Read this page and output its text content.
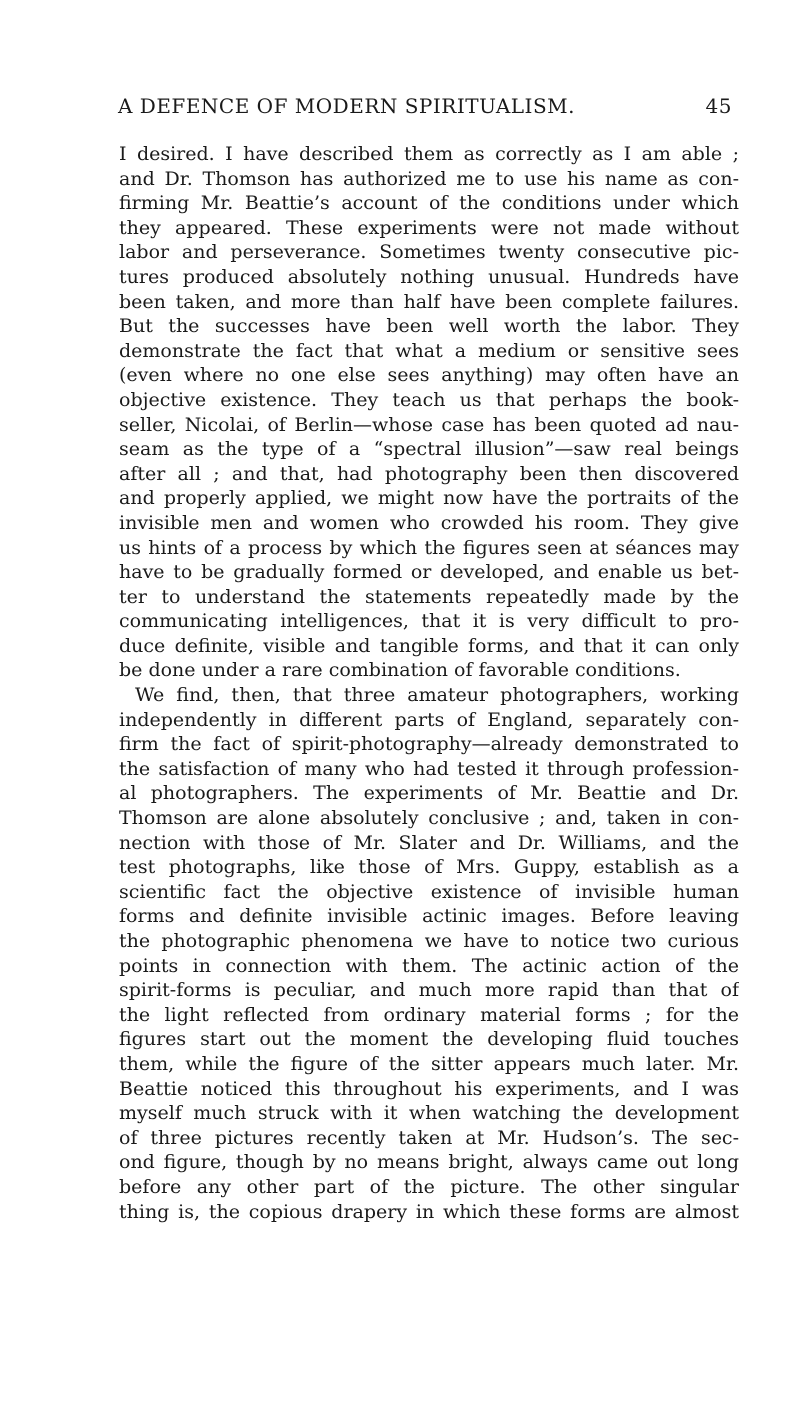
A DEFENCE OF MODERN SPIRITUALISM.	45
I desired. I have described them as correctly as I am able ;
and Dr. Thomson has authorized me to use his name as con-
firming Mr. Beattie’s account of the conditions under which
they appeared. These experiments were not made without
labor and perseverance. Sometimes twenty consecutive pic-
tures produced absolutely nothing unusual. Hundreds have
been taken, and more than half have been complete failures.
But the successes have been well worth the labor. They
demonstrate the fact that what a medium or sensitive sees
(even where no one else sees anything) may often have an
objective existence. They teach us that perhaps the book-
seller, Nicolai, of Berlin—whose case has been quoted ad nau-
seam as the type of a “spectral illusion”—saw real beings
after all ; and that, had photography been then discovered
and properly applied, we might now have the portraits of the
invisible men and women who crowded his room. They give
us hints of a process by which the figures seen at séances may
have to be gradually formed or developed, and enable us bet-
ter to understand the statements repeatedly made by the
communicating intelligences, that it is very difficult to pro-
duce definite, visible and tangible forms, and that it can only
be done under a rare combination of favorable conditions.
We find, then, that three amateur photographers, working
independently in different parts of England, separately con-
firm the fact of spirit-photography—already demonstrated to
the satisfaction of many who had tested it through profession-
al photographers. The experiments of Mr. Beattie and Dr.
Thomson are alone absolutely conclusive ; and, taken in con-
nection with those of Mr. Slater and Dr. Williams, and the
test photographs, like those of Mrs. Guppy, establish as a
scientific fact the objective existence of invisible human
forms and definite invisible actinic images. Before leaving
the photographic phenomena we have to notice two curious
points in connection with them. The actinic action of the
spirit-forms is peculiar, and much more rapid than that of
the light reflected from ordinary material forms ; for the
figures start out the moment the developing fluid touches
them, while the figure of the sitter appears much later. Mr.
Beattie noticed this throughout his experiments, and I was
myself much struck with it when watching the development
of three pictures recently taken at Mr. Hudson’s. The sec-
ond figure, though by no means bright, always came out long
before any other part of the picture. The other singular
thing is, the copious drapery in which these forms are almost
